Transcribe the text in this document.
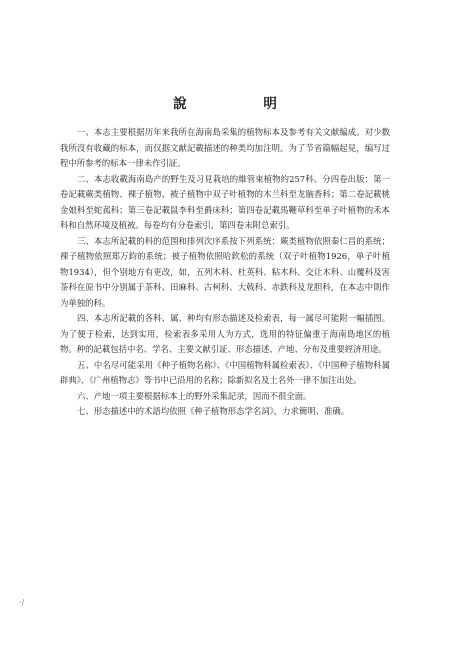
說 明

一、本志主要根据历年来我所在海南島采集的植物标本及参考有关文献编成。对少数我所沒有收藏的标本，而仅据文献記載描述的种类均加注明。为了节省篇幅起見，编写过程中所参考的标本一律未作引証。

二、本志收載海南島产的野生及习見栽培的維管束植物約257科。分四卷出版：第一卷記載蕨类植物、裸子植物、被子植物中双子叶植物的木兰科至龙脑香科；第二卷記載桃金娘科至蛇菰科；第三卷記載鼠李科至爵床科；第四卷記載馬鞭草科至单子叶植物的禾本科和自然环境及植被。每卷均有分卷索引，第四卷末附总索引。

三、本志所記載的科的范围和排列次序系按下列系统：蕨类植物依照秦仁昌的系统；裸子植物依照郑万鈞的系统；被子植物依照哈欽松的系统（双子叶植物1926，单子叶植物1934），但个别地方有更改，如，五列木科、杜英科、粘木科、交让木科、山覆科及害茶科在原书中分别属于茶科、田麻科、古柯科、大戟科、赤鉄科及龙胆科，在本志中則作为单独的科。

四、本志所記載的各科、属、种均有形态描述及检索表，每一属尽可能附一幅插图。为了便于检索，达到实用，检索表多采用人为方式，选用的特征偏重于海南島地区的植物。种的記載包括中名、学名、主要文献引証、形态描述、产地、分布及重要經济用途。

五、中名尽可能采用《种子植物名称》、《中国植物科属检索表》、《中国种子植物科属辟典》、《广州植物志》等书中已沿用的名称；除新拟名及土名外一律不加注出处。

六、产地一項主要根据标本上的野外采集記录，因而不很全面。

七、形态描述中的术語均依照《种子植物形态学名詞》，力求簡明、准确。

·/
